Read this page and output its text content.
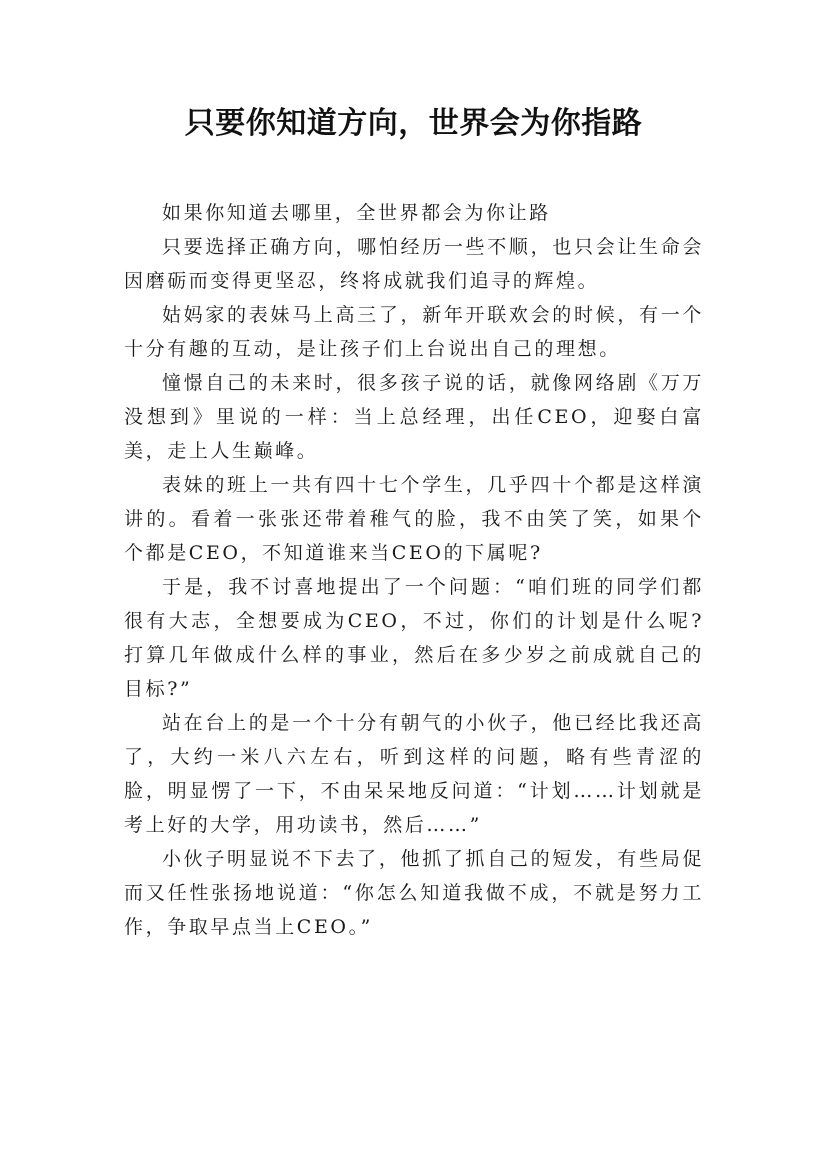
只要你知道方向，世界会为你指路

如果你知道去哪里，全世界都会为你让路

只要选择正确方向，哪怕经历一些不顺，也只会让生命会因磨砺而变得更坚忍，终将成就我们追寻的辉煌。

姑妈家的表妹马上高三了，新年开联欢会的时候，有一个十分有趣的互动，是让孩子们上台说出自己的理想。

憧憬自己的未来时，很多孩子说的话，就像网络剧《万万没想到》里说的一样：当上总经理，出任CEO，迎娶白富美，走上人生巅峰。

表妹的班上一共有四十七个学生，几乎四十个都是这样演讲的。看着一张张还带着稚气的脸，我不由笑了笑，如果个个都是CEO，不知道谁来当CEO的下属呢?

于是，我不讨喜地提出了一个问题：“咱们班的同学们都很有大志，全想要成为CEO，不过，你们的计划是什么呢?打算几年做成什么样的事业，然后在多少岁之前成就自己的目标?”

站在台上的是一个十分有朝气的小伙子，他已经比我还高了，大约一米八六左右，听到这样的问题，略有些青涩的脸，明显愣了一下，不由呆呆地反问道：“计划……计划就是考上好的大学，用功读书，然后……”

小伙子明显说不下去了，他抓了抓自己的短发，有些局促而又任性张扬地说道：“你怎么知道我做不成，不就是努力工作，争取早点当上CEO。”
